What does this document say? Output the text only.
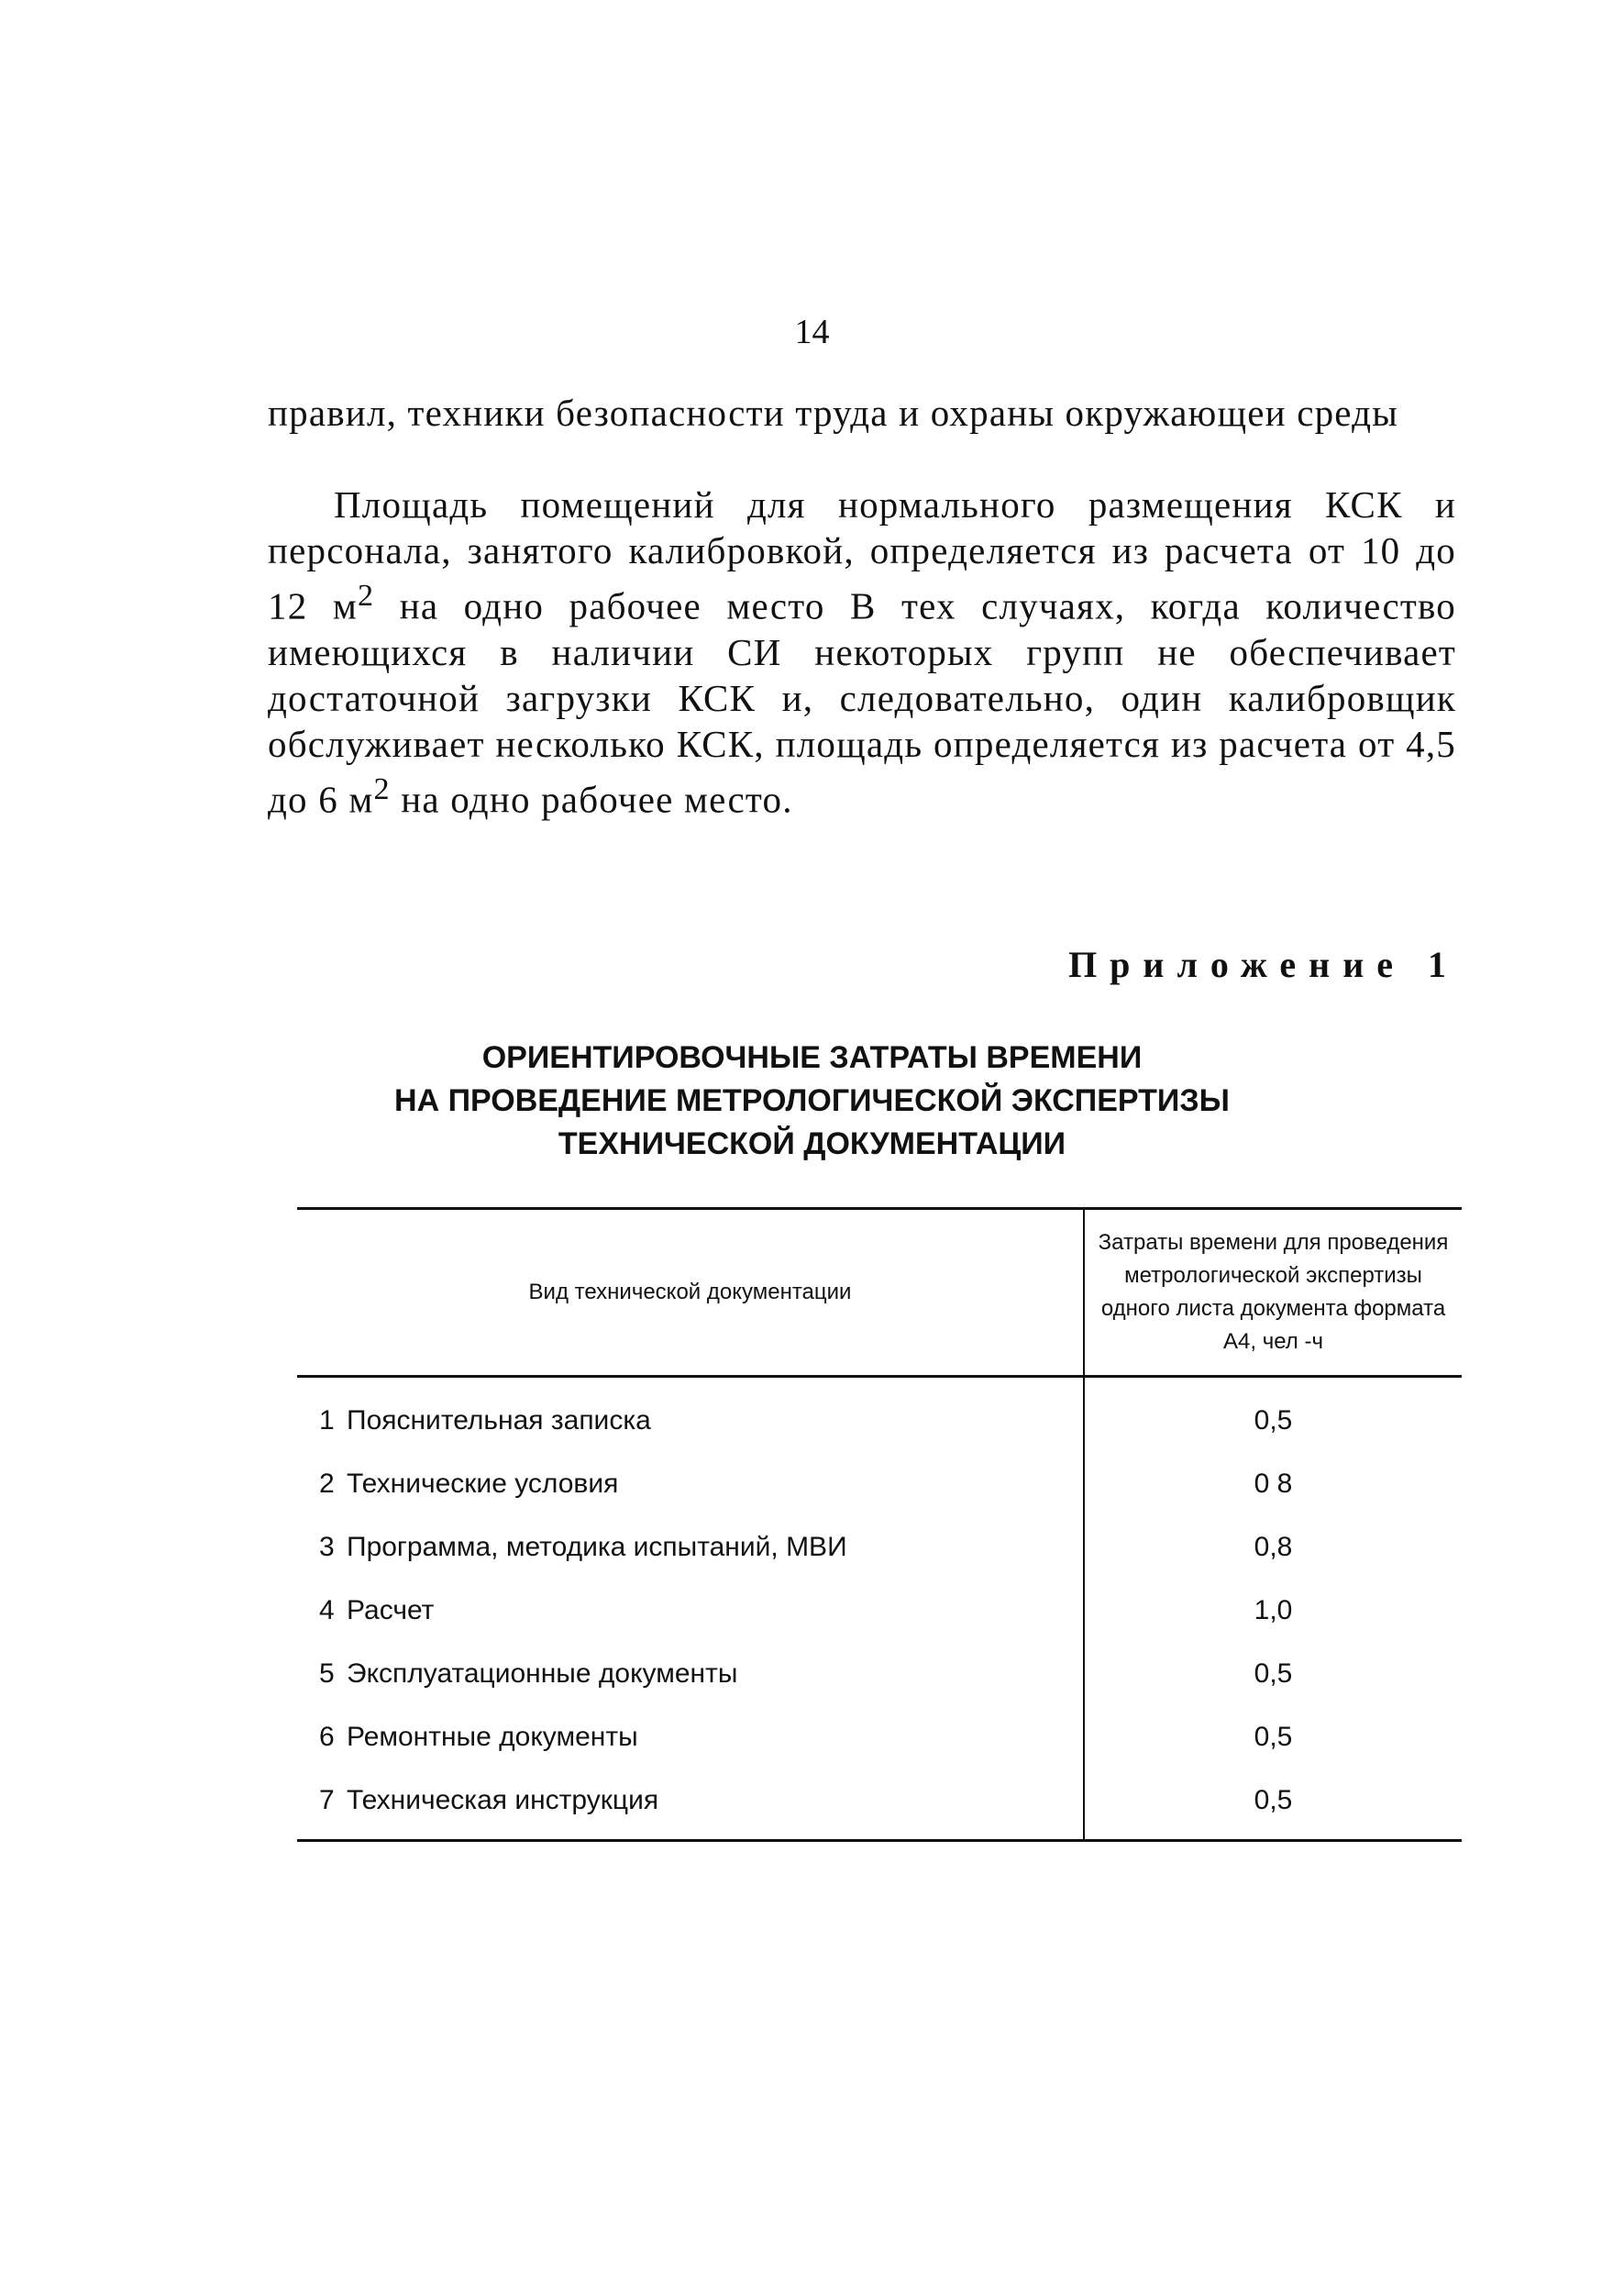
14

правил, техники безопасности труда и охраны окружающеи среды

Площадь помещений для нормального размещения КСК и персонала, занятого калибровкой, определяется из расчета от 10 до 12 $м^2$ на одно рабочее место В тех случаях, когда количество имеющихся в наличии СИ некоторых групп не обеспечивает достаточной загрузки КСК и, следовательно, один калибровщик обслуживает несколько КСК, площадь определяется из расчета от 4,5 до 6 $м^2$ на одно рабочее место.

Приложение 1
ОРИЕНТИРОВОЧНЫЕ ЗАТРАТЫ ВРЕМЕНИ
НА ПРОВЕДЕНИЕ МЕТРОЛОГИЧЕСКОЙ ЭКСПЕРТИЗЫ
ТЕХНИЧЕСКОЙ ДОКУМЕНТАЦИИ
Вид технической документации	Затраты времени для проведения метрологической экспертизы одного листа документа формата А4, чел -ч
1 Пояснительная записка	0,5
2 Технические условия	0 8
3 Программа, методика испытаний, МВИ	0,8
4 Расчет	1,0
5 Эксплуатационные документы	0,5
6 Ремонтные документы	0,5
7 Техническая инструкция	0,5
